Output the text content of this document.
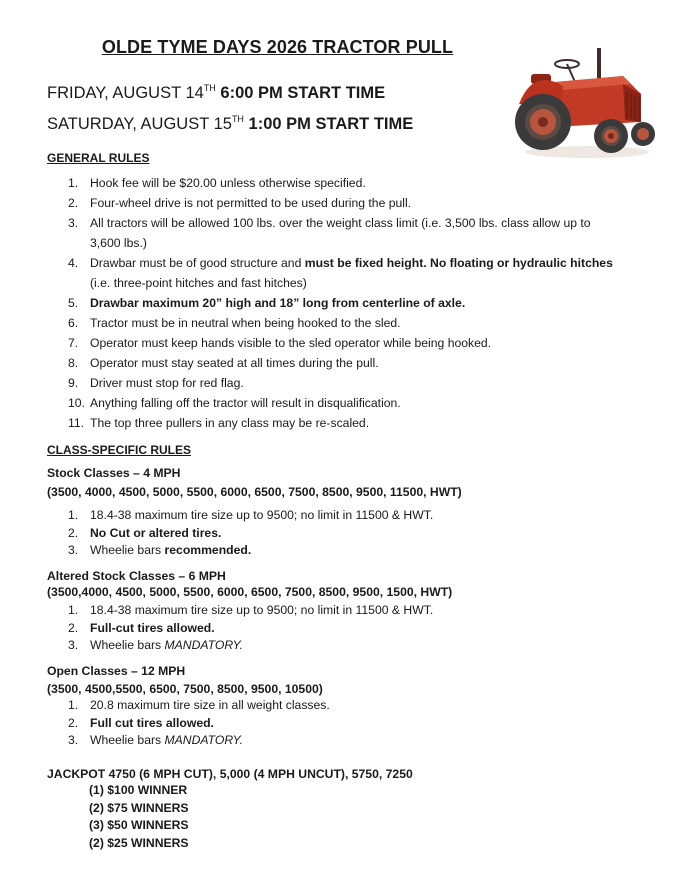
OLDE TYME DAYS 2026 TRACTOR PULL
FRIDAY, AUGUST 14TH 6:00 PM START TIME
SATURDAY, AUGUST 15TH 1:00 PM START TIME
GENERAL RULES
1. Hook fee will be $20.00 unless otherwise specified.
2. Four-wheel drive is not permitted to be used during the pull.
3. All tractors will be allowed 100 lbs. over the weight class limit (i.e. 3,500 lbs. class allow up to 3,600 lbs.)
4. Drawbar must be of good structure and must be fixed height. No floating or hydraulic hitches (i.e. three-point hitches and fast hitches)
5. Drawbar maximum 20” high and 18” long from centerline of axle.
6. Tractor must be in neutral when being hooked to the sled.
7. Operator must keep hands visible to the sled operator while being hooked.
8. Operator must stay seated at all times during the pull.
9. Driver must stop for red flag.
10. Anything falling off the tractor will result in disqualification.
11. The top three pullers in any class may be re-scaled.
CLASS-SPECIFIC RULES
Stock Classes – 4 MPH
(3500, 4000, 4500, 5000, 5500, 6000, 6500, 7500, 8500, 9500, 11500, HWT)
1. 18.4-38 maximum tire size up to 9500; no limit in 11500 & HWT.
2. No Cut or altered tires.
3. Wheelie bars recommended.
Altered Stock Classes – 6 MPH
(3500,4000, 4500, 5000, 5500, 6000, 6500, 7500, 8500, 9500, 1500, HWT)
1. 18.4-38 maximum tire size up to 9500; no limit in 11500 & HWT.
2. Full-cut tires allowed.
3. Wheelie bars MANDATORY.
Open Classes – 12 MPH
(3500, 4500,5500, 6500, 7500, 8500, 9500, 10500)
1. 20.8 maximum tire size in all weight classes.
2. Full cut tires allowed.
3. Wheelie bars MANDATORY.
JACKPOT 4750 (6 MPH CUT), 5,000 (4 MPH UNCUT), 5750, 7250
(1) $100 WINNER
(2) $75 WINNERS
(3) $50 WINNERS
(2) $25 WINNERS
